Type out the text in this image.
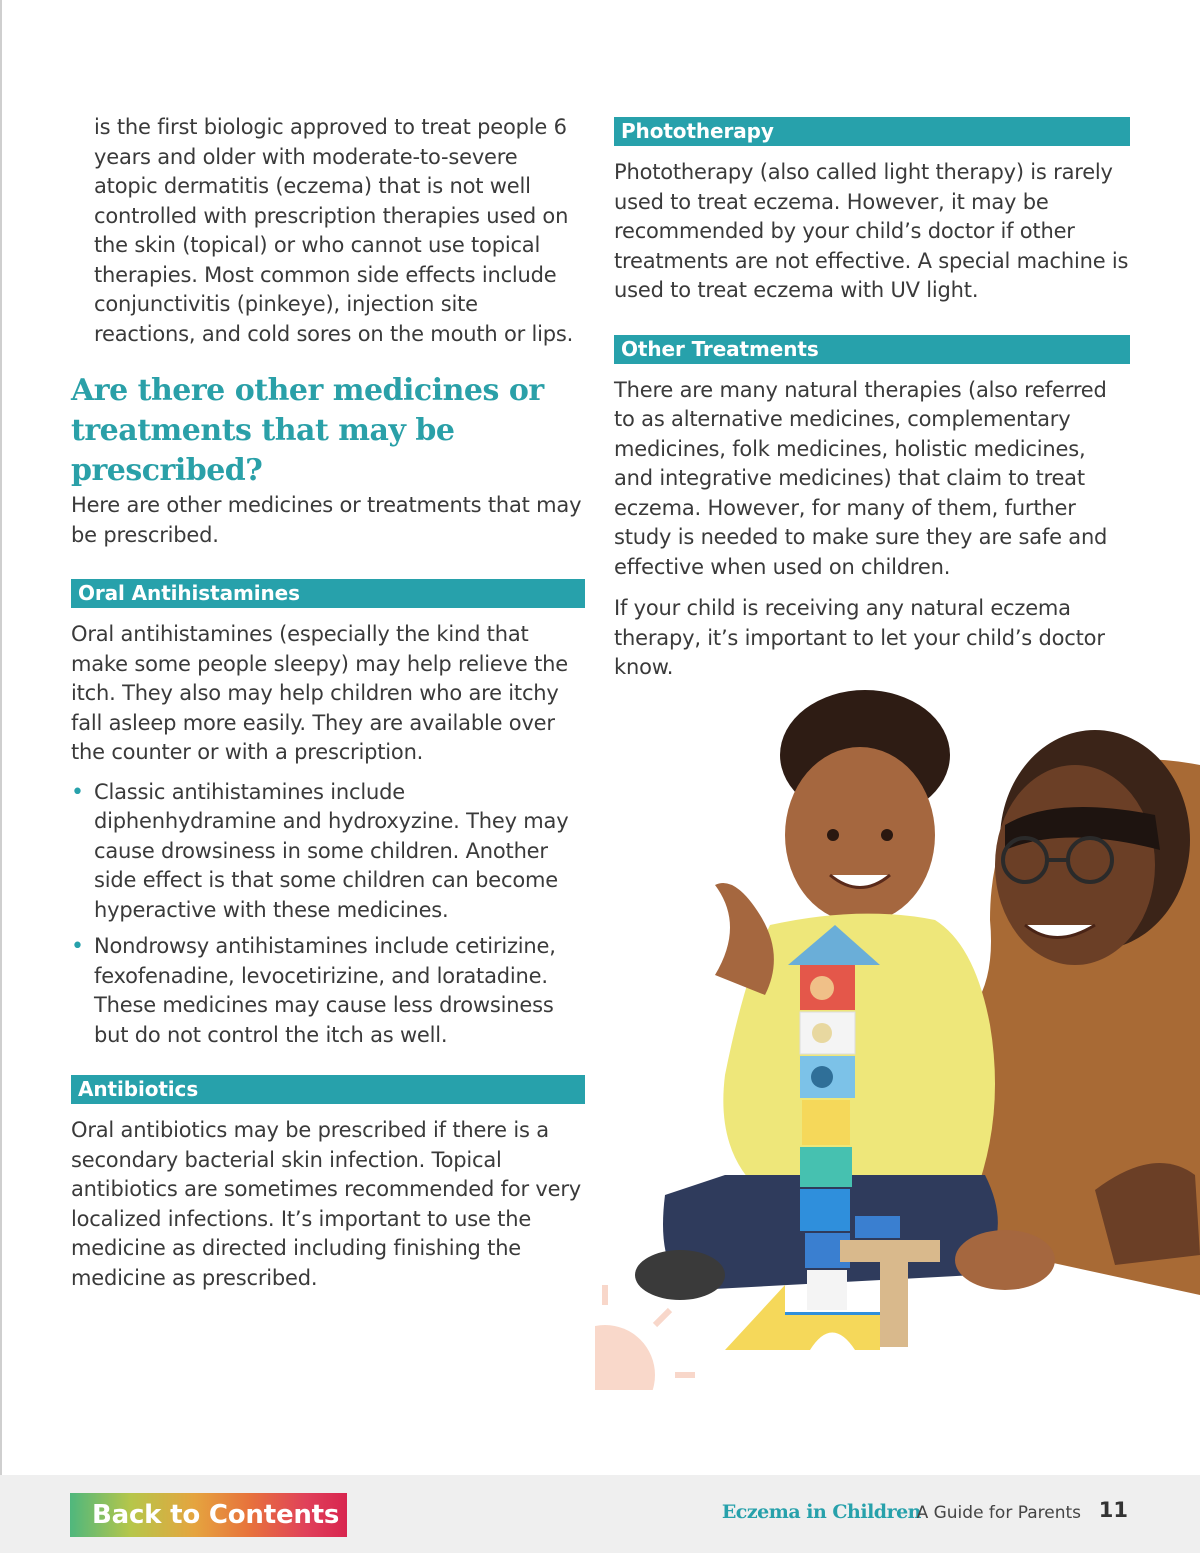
is the first biologic approved to treat people 6 years and older with moderate-to-severe atopic dermatitis (eczema) that is not well controlled with prescription therapies used on the skin (topical) or who cannot use topical therapies. Most common side effects include conjunctivitis (pinkeye), injection site reactions, and cold sores on the mouth or lips.

Are there other medicines or treatments that may be prescribed?

Here are other medicines or treatments that may be prescribed.

Oral Antihistamines

Oral antihistamines (especially the kind that make some people sleepy) may help relieve the itch. They also may help children who are itchy fall asleep more easily. They are available over the counter or with a prescription.

• Classic antihistamines include diphenhydramine and hydroxyzine. They may cause drowsiness in some children. Another side effect is that some children can become hyperactive with these medicines.
• Nondrowsy antihistamines include cetirizine, fexofenadine, levocetirizine, and loratadine. These medicines may cause less drowsiness but do not control the itch as well.
Antibiotics

Oral antibiotics may be prescribed if there is a secondary bacterial skin infection. Topical antibiotics are sometimes recommended for very localized infections. It’s important to use the medicine as directed including finishing the medicine as prescribed.

Phototherapy

Phototherapy (also called light therapy) is rarely used to treat eczema. However, it may be recommended by your child’s doctor if other treatments are not effective. A special machine is used to treat eczema with UV light.

Other Treatments

There are many natural therapies (also referred to as alternative medicines, complementary medicines, folk medicines, holistic medicines, and integrative medicines) that claim to treat eczema. However, for many of them, further study is needed to make sure they are safe and effective when used on children.

If your child is receiving any natural eczema therapy, it’s important to let your child’s doctor know.

Back to Contents	Eczema in Children
A Guide for Parents 11
